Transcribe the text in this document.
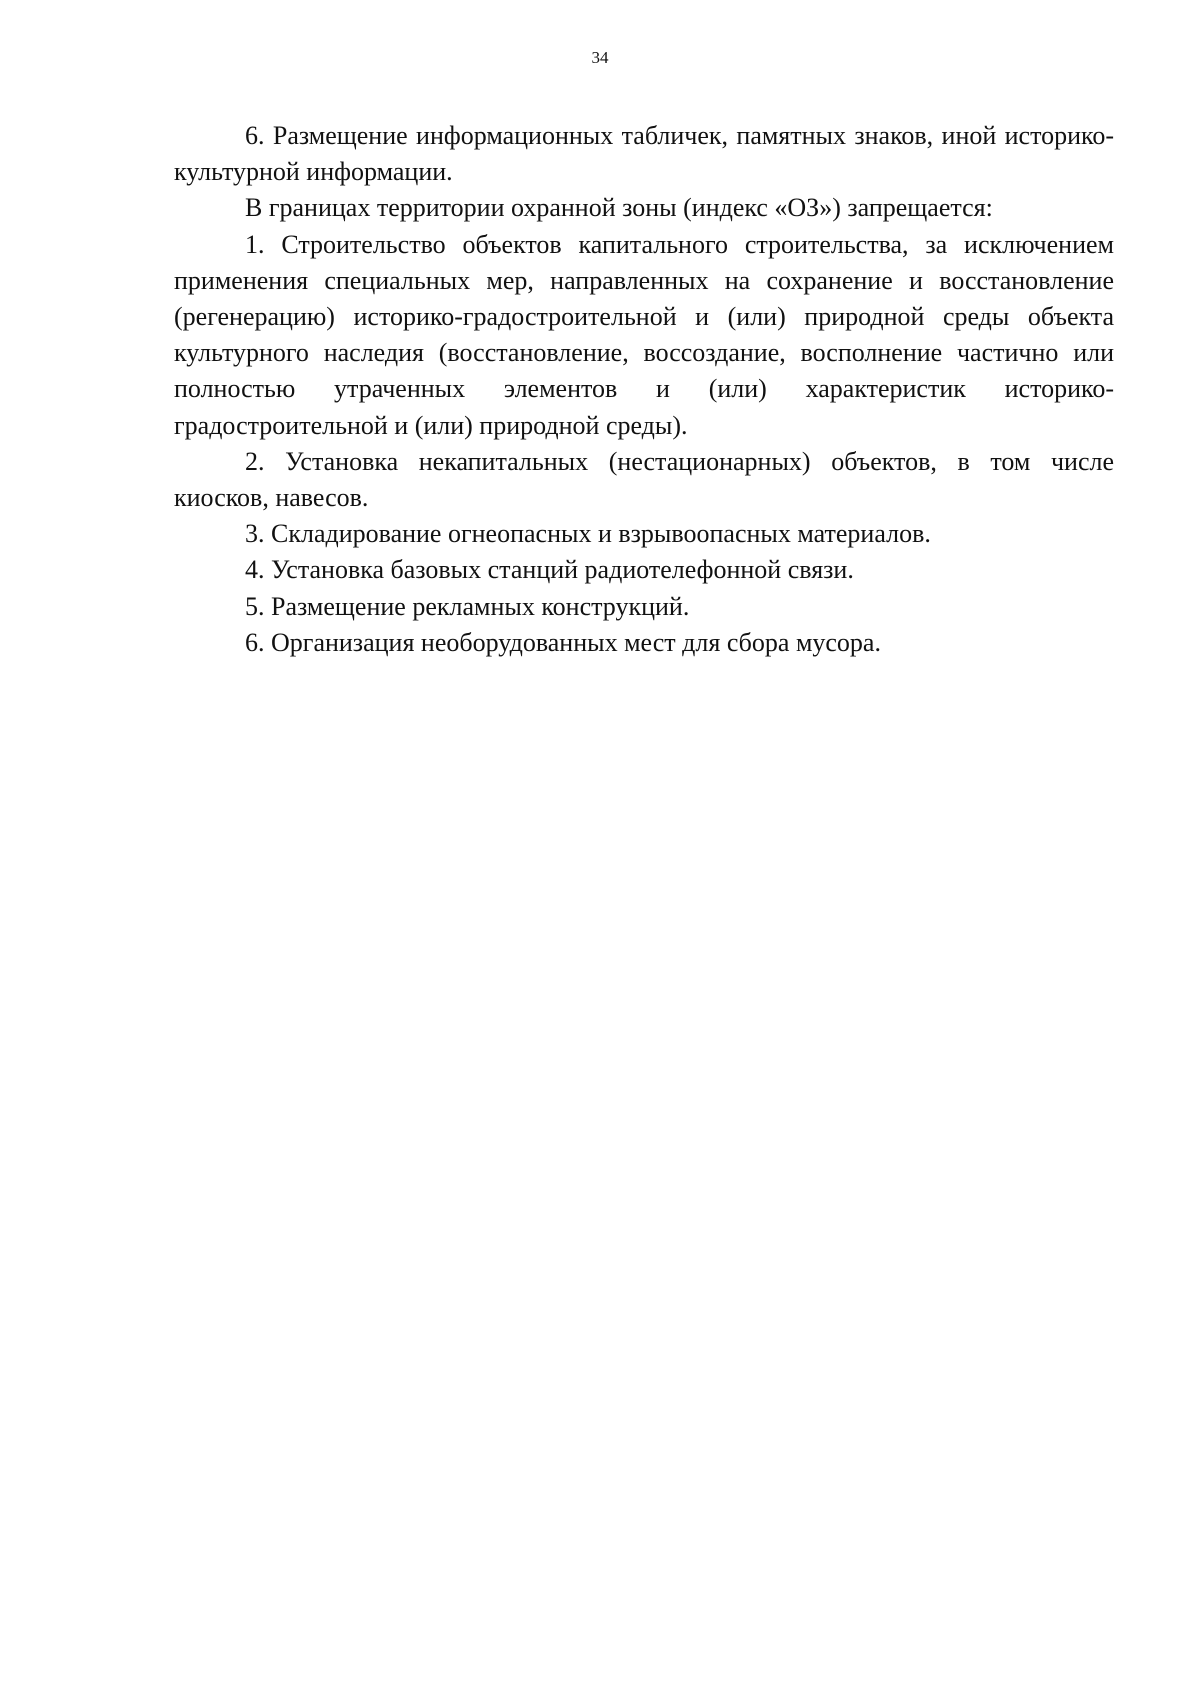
34

6. Размещение информационных табличек, памятных знаков, иной историко-культурной информации.

В границах территории охранной зоны (индекс «ОЗ») запрещается:

1. Строительство объектов капитального строительства, за исключением применения специальных мер, направленных на сохранение и восстановление (регенерацию) историко-градостроительной и (или) природной среды объекта культурного наследия (восстановление, воссоздание, восполнение частично или полностью утраченных элементов и (или) характеристик историко-градостроительной и (или) природной среды).

2. Установка некапитальных (нестационарных) объектов, в том числе киосков, навесов.

3. Складирование огнеопасных и взрывоопасных материалов.

4. Установка базовых станций радиотелефонной связи.

5. Размещение рекламных конструкций.

6. Организация необорудованных мест для сбора мусора.
